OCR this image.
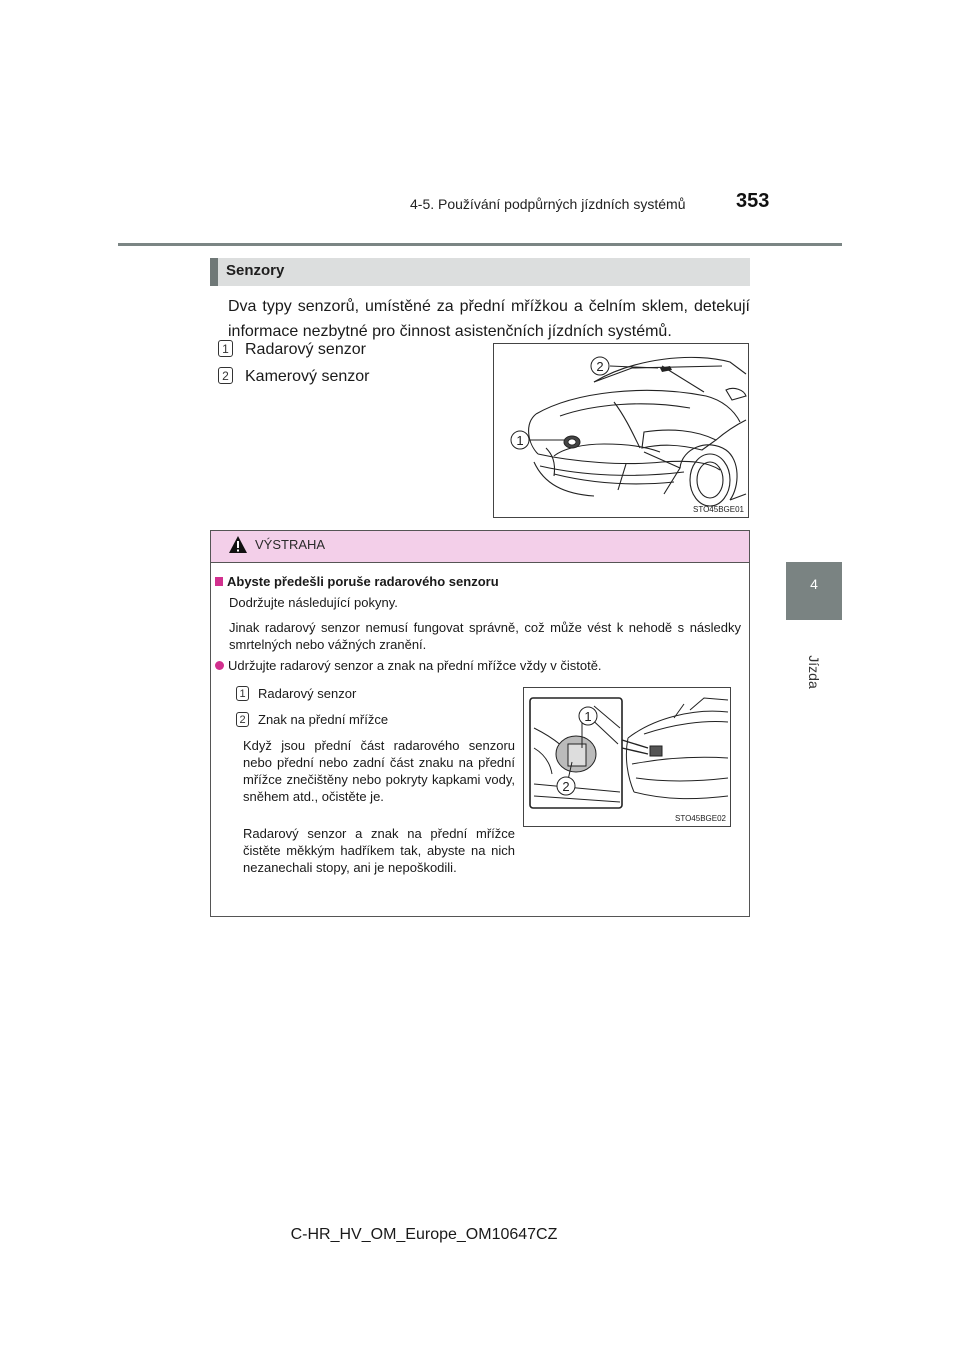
4-5. Používání podpůrných jízdních systémů	353
4
Jízda
Senzory
Dva typy senzorů, umístěné za přední mřížkou a čelním sklem, detekují informace nezbytné pro činnost asistenčních jízdních systémů.
1 Radarový senzor
2 Kamerový senzor
2
1
STO45BGE01
VÝSTRAHA
Abyste předešli poruše radarového senzoru
Dodržujte následující pokyny.
Jinak radarový senzor nemusí fungovat správně, což může vést k nehodě s následky smrtelných nebo vážných zranění.
Udržujte radarový senzor a znak na přední mřížce vždy v čistotě.
1 Radarový senzor
2 Znak na přední mřížce
Když jsou přední část radarového senzoru nebo přední nebo zadní část znaku na přední mřížce znečištěny nebo pokryty kapkami vody, sněhem atd., očistěte je.
Radarový senzor a znak na přední mřížce čistěte měkkým hadříkem tak, abyste na nich nezanechali stopy, ani je nepoškodili.
1
2
STO45BGE02
C-HR_HV_OM_Europe_OM10647CZ
